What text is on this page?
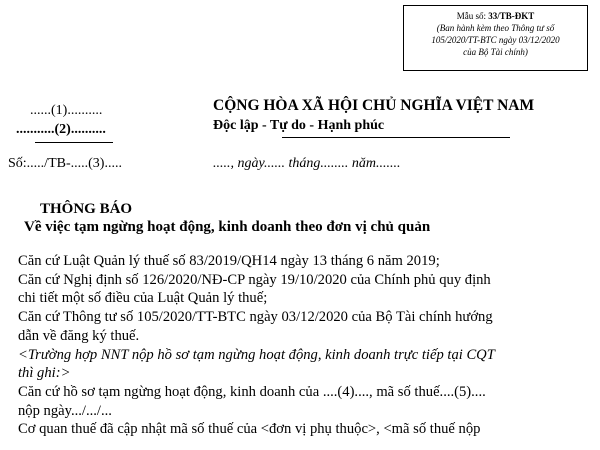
Mẫu số: 33/TB-ĐKT
(Ban hành kèm theo Thông tư số
105/2020/TT-BTC ngày 03/12/2020
của Bộ Tài chính)
......(1)..........
...........(2)..........
Số:...../TB-.....(3).....
CỘNG HÒA XÃ HỘI CHỦ NGHĨA VIỆT NAM
Độc lập - Tự do - Hạnh phúc
....., ngày...... tháng........ năm.......
THÔNG BÁO
Về việc tạm ngừng hoạt động, kinh doanh theo đơn vị chủ quản
Căn cứ Luật Quản lý thuế số 83/2019/QH14 ngày 13 tháng 6 năm 2019;
Căn cứ Nghị định số 126/2020/NĐ-CP ngày 19/10/2020 của Chính phủ quy định
chi tiết một số điều của Luật Quản lý thuế;
Căn cứ Thông tư số 105/2020/TT-BTC ngày 03/12/2020 của Bộ Tài chính hướng
dẫn về đăng ký thuế.
<Trường hợp NNT nộp hồ sơ tạm ngừng hoạt động, kinh doanh trực tiếp tại CQT
thì ghi:>
Căn cứ hồ sơ tạm ngừng hoạt động, kinh doanh của ....(4)...., mã số thuế....(5)....
nộp ngày.../.../...
Cơ quan thuế đã cập nhật mã số thuế của <đơn vị phụ thuộc>, <mã số thuế nộp
